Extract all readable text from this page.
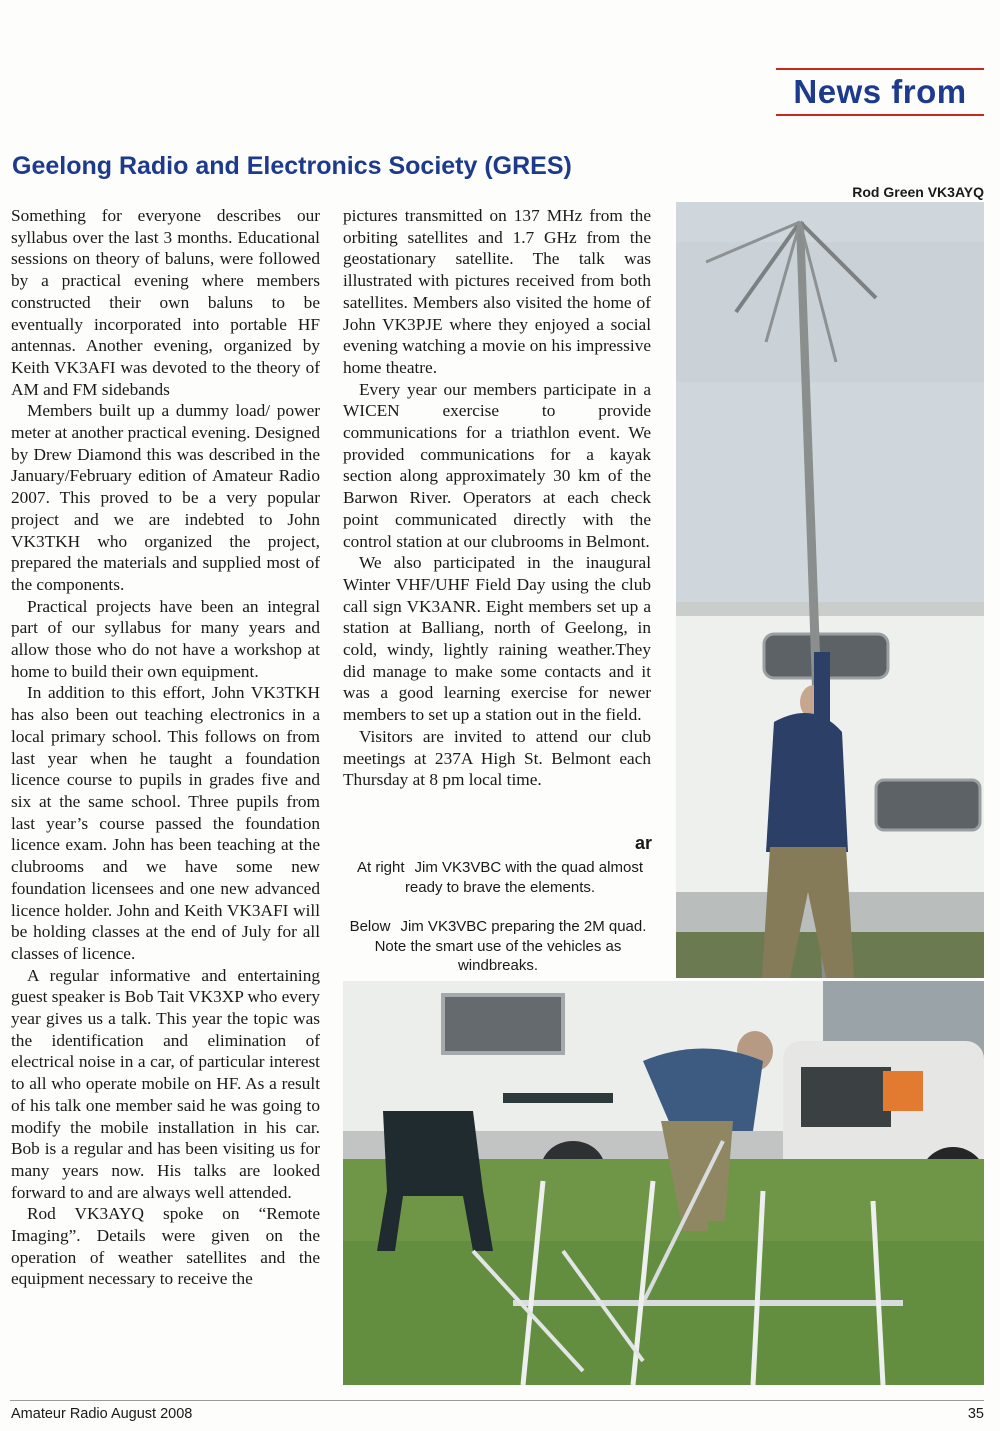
News from
Geelong Radio and Electronics Society (GRES)
Rod Green VK3AYQ

Something for everyone describes our syllabus over the last 3 months. Educational sessions on theory of baluns, were followed by a practical evening where members constructed their own baluns to be eventually incorporated into portable HF antennas. Another evening, organized by Keith VK3AFI was devoted to the theory of AM and FM sidebands

Members built up a dummy load/ power meter at another practical evening. Designed by Drew Diamond this was described in the January/February edition of Amateur Radio 2007. This proved to be a very popular project and we are indebted to John VK3TKH who organized the project, prepared the materials and supplied most of the components.

Practical projects have been an integral part of our syllabus for many years and allow those who do not have a workshop at home to build their own equipment.

In addition to this effort, John VK3TKH has also been out teaching electronics in a local primary school. This follows on from last year when he taught a foundation licence course to pupils in grades five and six at the same school. Three pupils from last year’s course passed the foundation licence exam. John has been teaching at the clubrooms and we have some new foundation licensees and one new advanced licence holder. John and Keith VK3AFI will be holding classes at the end of July for all classes of licence.

A regular informative and entertaining guest speaker is Bob Tait VK3XP who every year gives us a talk. This year the topic was the identification and elimination of electrical noise in a car, of particular interest to all who operate mobile on HF. As a result of his talk one member said he was going to modify the mobile installation in his car. Bob is a regular and has been visiting us for many years now. His talks are looked forward to and are always well attended.

Rod VK3AYQ spoke on “Remote Imaging”. Details were given on the operation of weather satellites and the equipment necessary to receive the

pictures transmitted on 137 MHz from the orbiting satellites and 1.7 GHz from the geostationary satellite. The talk was illustrated with pictures received from both satellites. Members also visited the home of John VK3PJE where they enjoyed a social evening watching a movie on his impressive home theatre.

Every year our members participate in a WICEN exercise to provide communications for a triathlon event. We provided communications for a kayak section along approximately 30 km of the Barwon River. Operators at each check point communicated directly with the control station at our clubrooms in Belmont.

We also participated in the inaugural Winter VHF/UHF Field Day using the club call sign VK3ANR. Eight members set up a station at Balliang, north of Geelong, in cold, windy, lightly raining weather.They did manage to make some contacts and it was a good learning exercise for newer members to set up a station out in the field.

Visitors are invited to attend our club meetings at 237A High St. Belmont each Thursday at 8 pm local time.

ar
At right Jim VK3VBC with the quad almost ready to brave the elements.
Below Jim VK3VBC preparing the 2M quad. Note the smart use of the vehicles as windbreaks.
Amateur Radio August 2008	35
